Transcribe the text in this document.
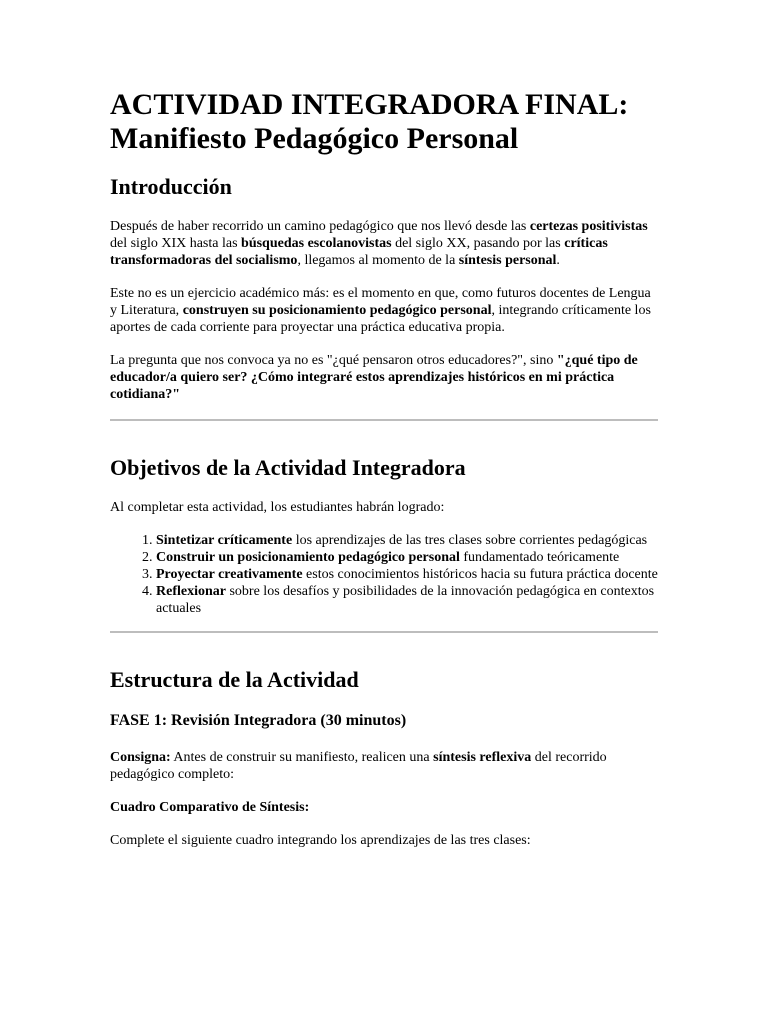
ACTIVIDAD INTEGRADORA FINAL:
Manifiesto Pedagógico Personal
Introducción

Después de haber recorrido un camino pedagógico que nos llevó desde las certezas positivistas del siglo XIX hasta las búsquedas escolanovistas del siglo XX, pasando por las críticas transformadoras del socialismo, llegamos al momento de la síntesis personal.

Este no es un ejercicio académico más: es el momento en que, como futuros docentes de Lengua y Literatura, construyen su posicionamiento pedagógico personal, integrando críticamente los aportes de cada corriente para proyectar una práctica educativa propia.

La pregunta que nos convoca ya no es "¿qué pensaron otros educadores?", sino "¿qué tipo de educador/a quiero ser? ¿Cómo integraré estos aprendizajes históricos en mi práctica cotidiana?"

Objetivos de la Actividad Integradora

Al completar esta actividad, los estudiantes habrán logrado:

1. Sintetizar críticamente los aprendizajes de las tres clases sobre corrientes pedagógicas
2. Construir un posicionamiento pedagógico personal fundamentado teóricamente
3. Proyectar creativamente estos conocimientos históricos hacia su futura práctica docente
4. Reflexionar sobre los desafíos y posibilidades de la innovación pedagógica en contextos actuales
Estructura de la Actividad
FASE 1: Revisión Integradora (30 minutos)

Consigna: Antes de construir su manifiesto, realicen una síntesis reflexiva del recorrido pedagógico completo:

Cuadro Comparativo de Síntesis:

Complete el siguiente cuadro integrando los aprendizajes de las tres clases:
